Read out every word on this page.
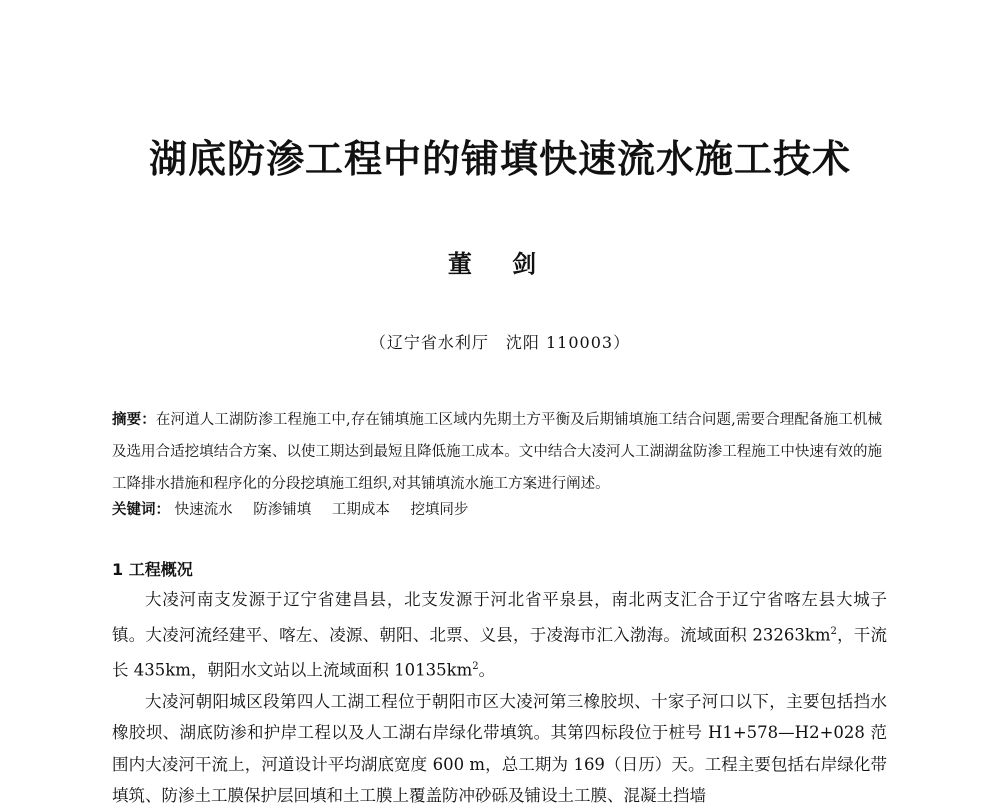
湖底防渗工程中的铺填快速流水施工技术
董 剑
（辽宁省水利厅　沈阳 110003）

摘要：在河道人工湖防渗工程施工中,存在铺填施工区域内先期土方平衡及后期铺填施工结合问题,需要合理配备施工机械及选用合适挖填结合方案、以使工期达到最短且降低施工成本。文中结合大凌河人工湖湖盆防渗工程施工中快速有效的施工降排水措施和程序化的分段挖填施工组织,对其铺填流水施工方案进行阐述。

关键词： 快速流水 防渗铺填 工期成本 挖填同步
1 工程概况

大凌河南支发源于辽宁省建昌县，北支发源于河北省平泉县，南北两支汇合于辽宁省喀左县大城子镇。大凌河流经建平、喀左、凌源、朝阳、北票、义县，于凌海市汇入渤海。流域面积 $23263km^2$，干流长 435km，朝阳水文站以上流域面积 $10135km^2$。

大凌河朝阳城区段第四人工湖工程位于朝阳市区大凌河第三橡胶坝、十家子河口以下，主要包括挡水橡胶坝、湖底防渗和护岸工程以及人工湖右岸绿化带填筑。其第四标段位于桩号 H1+578—H2+028 范围内大凌河干流上，河道设计平均湖底宽度 600 m，总工期为 169（日历）天。工程主要包括右岸绿化带填筑、防渗土工膜保护层回填和土工膜上覆盖防冲砂砾及铺设土工膜、混凝土挡墙
